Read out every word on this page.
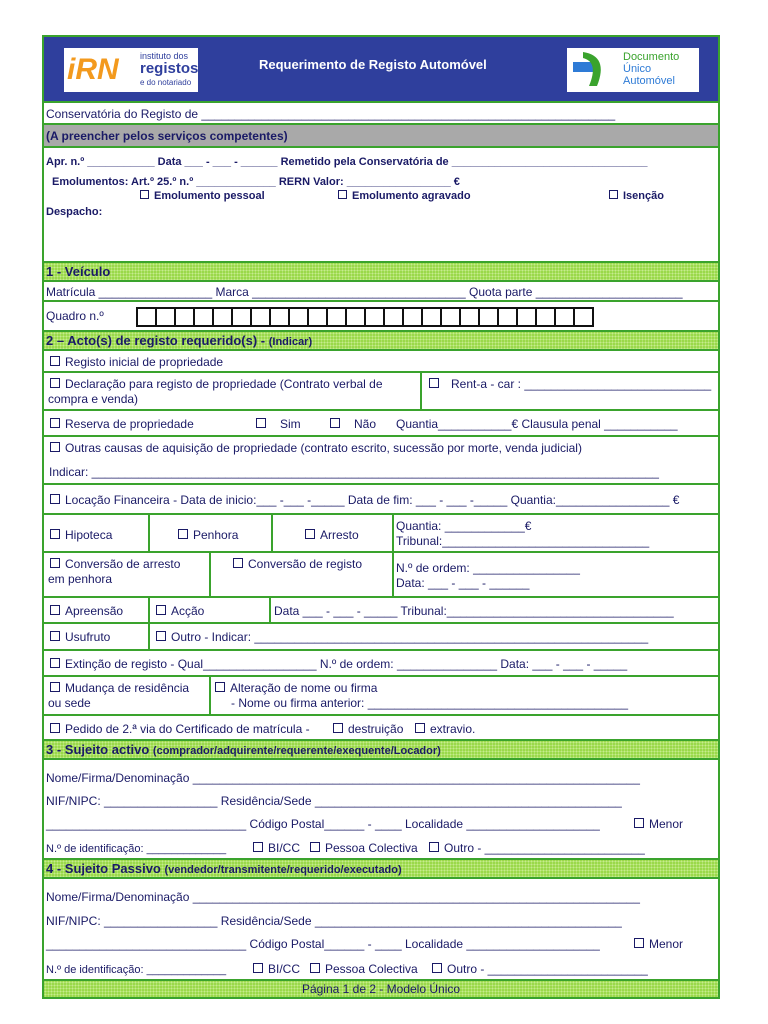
iRN instituto dos
registos
e do notariado
Requerimento de Registo Automóvel	Documento
Único
Automóvel
Conservatória do Registo de ______________________________________________________________
(A preencher pelos serviços competentes)
Apr. n.º ___________ Data ___ - ___ - ______ Remetido pela Conservatória de ________________________________
Emolumentos: Art.º 25.º n.º _____________ RERN Valor: _________________ €
Emolumento pessoal	Emolumento agravado	Isenção
Despacho:
1 - Veículo
Matrícula _________________ Marca ________________________________ Quota parte ______________________
Quadro n.º
2 – Acto(s) de registo requerido(s) - (Indicar)
Registo inicial de propriedade
Declaração para registo de propriedade (Contrato verbal de
compra e venda)
Rent-a - car : ____________________________
Reserva de propriedade	Sim	Não Quantia___________€ Clausula penal ___________
Outras causas de aquisição de propriedade (contrato escrito, sucessão por morte, venda judicial)
Indicar: _____________________________________________________________________________________
Locação Financeira - Data de inicio:___ -___ -_____ Data de fim: ___ - ___ -_____ Quantia:_________________ €
Hipoteca	Penhora	Arresto
Quantia: ____________€
Tribunal:_______________________________
Conversão de arresto
em penhora
Conversão de registo	N.º de ordem: ________________
Data: ___ - ___ - ______
Apreensão	Acção	Data ___ - ___ - _____ Tribunal:__________________________________
Usufruto	Outro - Indicar: ___________________________________________________________
Extinção de registo - Qual_________________ N.º de ordem: _______________ Data: ___ - ___ - _____
Mudança de residência
ou sede
Alteração de nome ou firma
- Nome ou firma anterior: _______________________________________
Pedido de 2.ª via do Certificado de matrícula -	destruição	extravio.
3 - Sujeito activo (comprador/adquirente/requerente/exequente/Locador)
Nome/Firma/Denominação ___________________________________________________________________
NIF/NIPC: _________________ Residência/Sede ______________________________________________
______________________________ Código Postal______ - ____ Localidade ____________________	Menor
N.º de identificação: _____________	BI/CC	Pessoa Colectiva	Outro - ________________________
4 - Sujeito Passivo (vendedor/transmitente/requerido/executado)
Nome/Firma/Denominação ___________________________________________________________________
NIF/NIPC: _________________ Residência/Sede ______________________________________________
______________________________ Código Postal______ - ____ Localidade ____________________	Menor
N.º de identificação: _____________	BI/CC	Pessoa Colectiva	Outro - ________________________
Página 1 de 2 - Modelo Único
